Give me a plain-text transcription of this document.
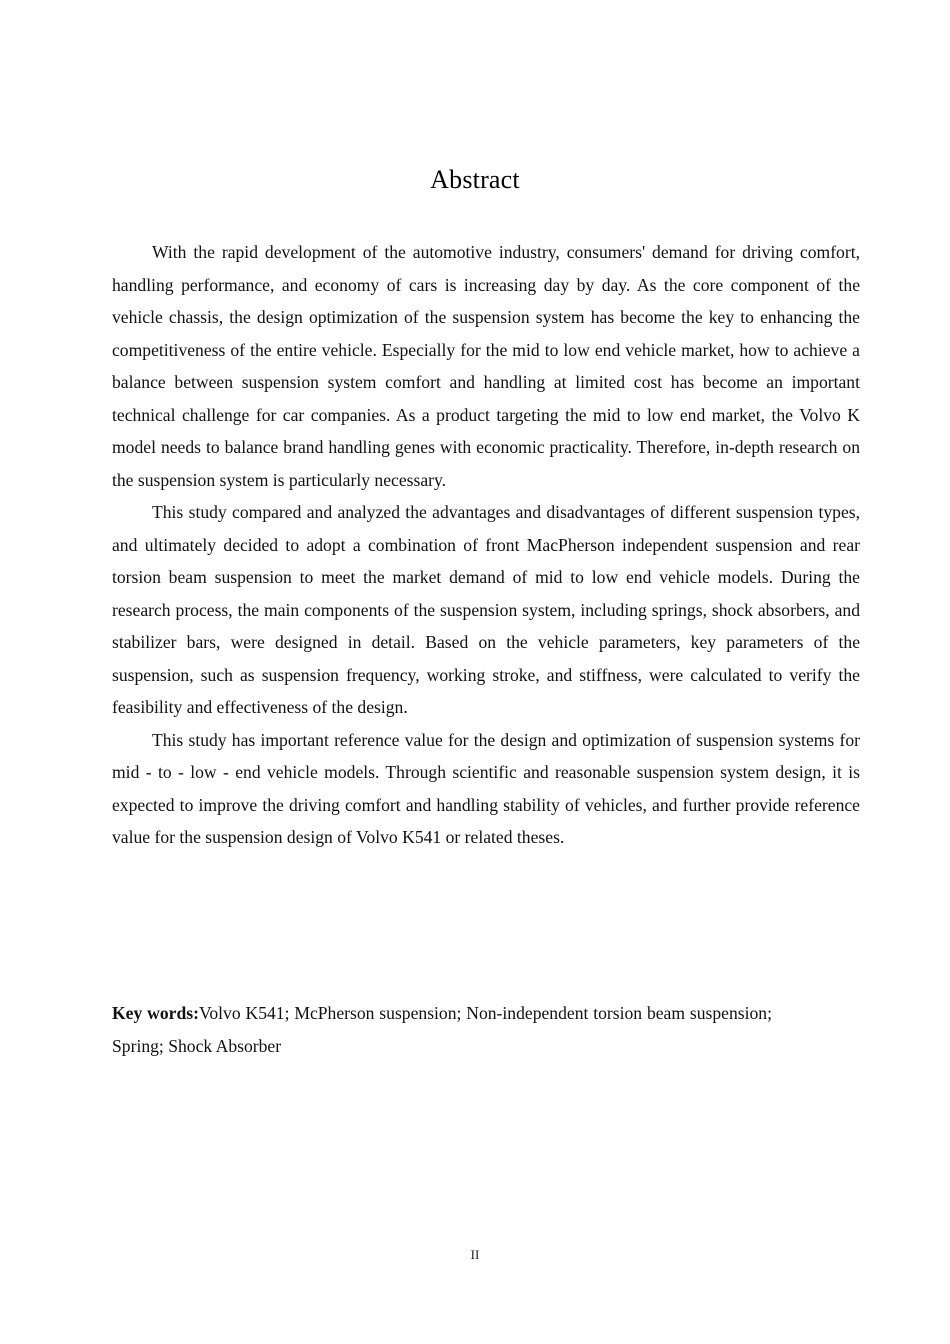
Abstract

With the rapid development of the automotive industry, consumers' demand for driving comfort, handling performance, and economy of cars is increasing day by day. As the core component of the vehicle chassis, the design optimization of the suspension system has become the key to enhancing the competitiveness of the entire vehicle. Especially for the mid to low end vehicle market, how to achieve a balance between suspension system comfort and handling at limited cost has become an important technical challenge for car companies. As a product targeting the mid to low end market, the Volvo K model needs to balance brand handling genes with economic practicality. Therefore, in-depth research on the suspension system is particularly necessary.

This study compared and analyzed the advantages and disadvantages of different suspension types, and ultimately decided to adopt a combination of front MacPherson independent suspension and rear torsion beam suspension to meet the market demand of mid to low end vehicle models. During the research process, the main components of the suspension system, including springs, shock absorbers, and stabilizer bars, were designed in detail. Based on the vehicle parameters, key parameters of the suspension, such as suspension frequency, working stroke, and stiffness, were calculated to verify the feasibility and effectiveness of the design.

This study has important reference value for the design and optimization of suspension systems for mid - to - low - end vehicle models. Through scientific and reasonable suspension system design, it is expected to improve the driving comfort and handling stability of vehicles, and further provide reference value for the suspension design of Volvo K541 or related theses.

Key words:Volvo K541; McPherson suspension; Non-independent torsion beam suspension; Spring; Shock Absorber

II
